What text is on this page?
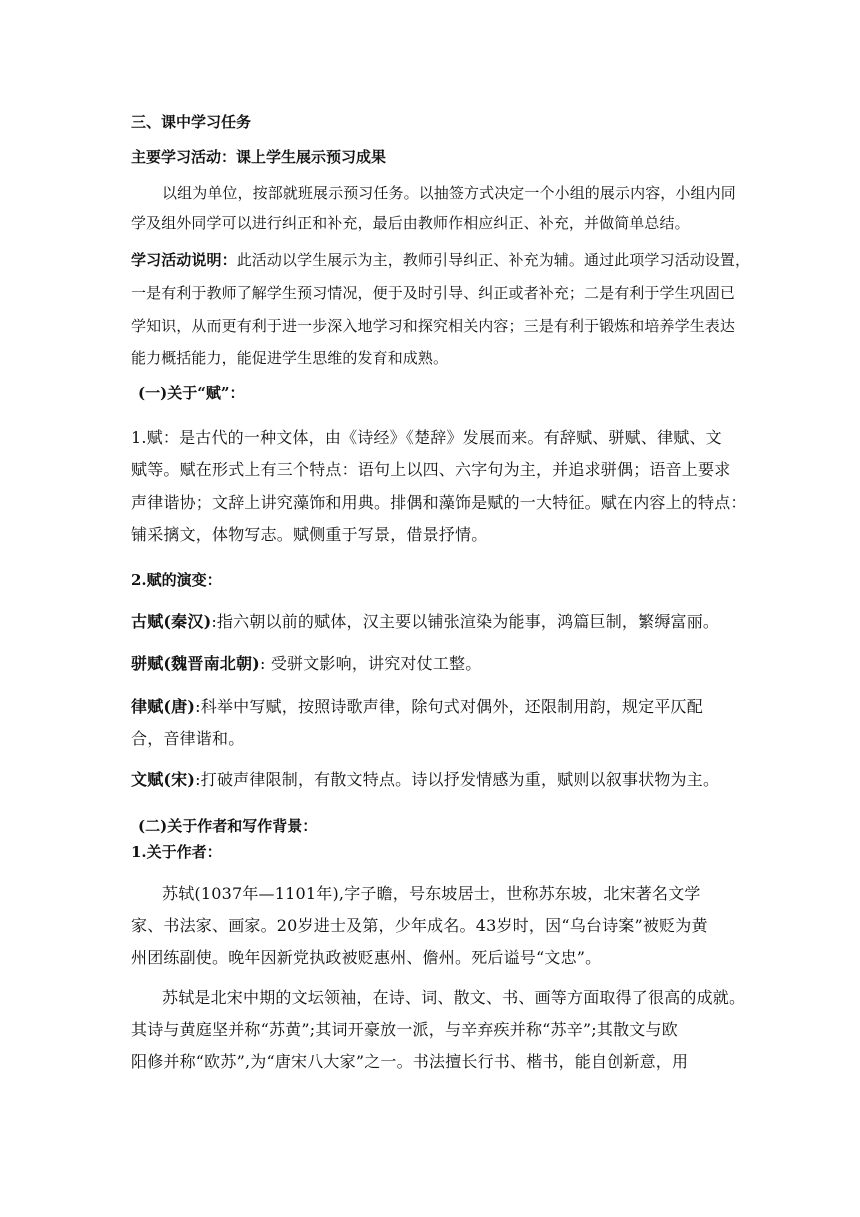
三、课中学习任务
主要学习活动：课上学生展示预习成果
以组为单位，按部就班展示预习任务。以抽签方式决定一个小组的展示内容，小组内同
学及组外同学可以进行纠正和补充，最后由教师作相应纠正、补充，并做简单总结。
学习活动说明：此活动以学生展示为主，教师引导纠正、补充为辅。通过此项学习活动设置，
一是有利于教师了解学生预习情况，便于及时引导、纠正或者补充；二是有利于学生巩固已
学知识，从而更有利于进一步深入地学习和探究相关内容；三是有利于锻炼和培养学生表达
能力概括能力，能促进学生思维的发育和成熟。
(一)关于“赋”：
1.赋：是古代的一种文体，由《诗经》《楚辞》发展而来。有辞赋、骈赋、律赋、文
赋等。赋在形式上有三个特点：语句上以四、六字句为主，并追求骈偶；语音上要求
声律谐协；文辞上讲究藻饰和用典。排偶和藻饰是赋的一大特征。赋在内容上的特点：
铺采摛文，体物写志。赋侧重于写景，借景抒情。
2.赋的演变：
古赋(秦汉):指六朝以前的赋体，汉主要以铺张渲染为能事，鸿篇巨制，繁缛富丽。
骈赋(魏晋南北朝): 受骈文影响，讲究对仗工整。
律赋(唐):科举中写赋，按照诗歌声律，除句式对偶外，还限制用韵，规定平仄配
合，音律谐和。
文赋(宋):打破声律限制，有散文特点。诗以抒发情感为重，赋则以叙事状物为主。
(二)关于作者和写作背景：
1.关于作者：
苏轼(1037年—1101年),字子瞻，号东坡居士，世称苏东坡，北宋著名文学
家、书法家、画家。20岁进士及第，少年成名。43岁时，因“乌台诗案”被贬为黄
州团练副使。晚年因新党执政被贬惠州、儋州。死后谥号“文忠”。
苏轼是北宋中期的文坛领袖，在诗、词、散文、书、画等方面取得了很高的成就。
其诗与黄庭坚并称“苏黄”;其词开豪放一派，与辛弃疾并称“苏辛”;其散文与欧
阳修并称“欧苏”,为“唐宋八大家”之一。书法擅长行书、楷书，能自创新意，用
